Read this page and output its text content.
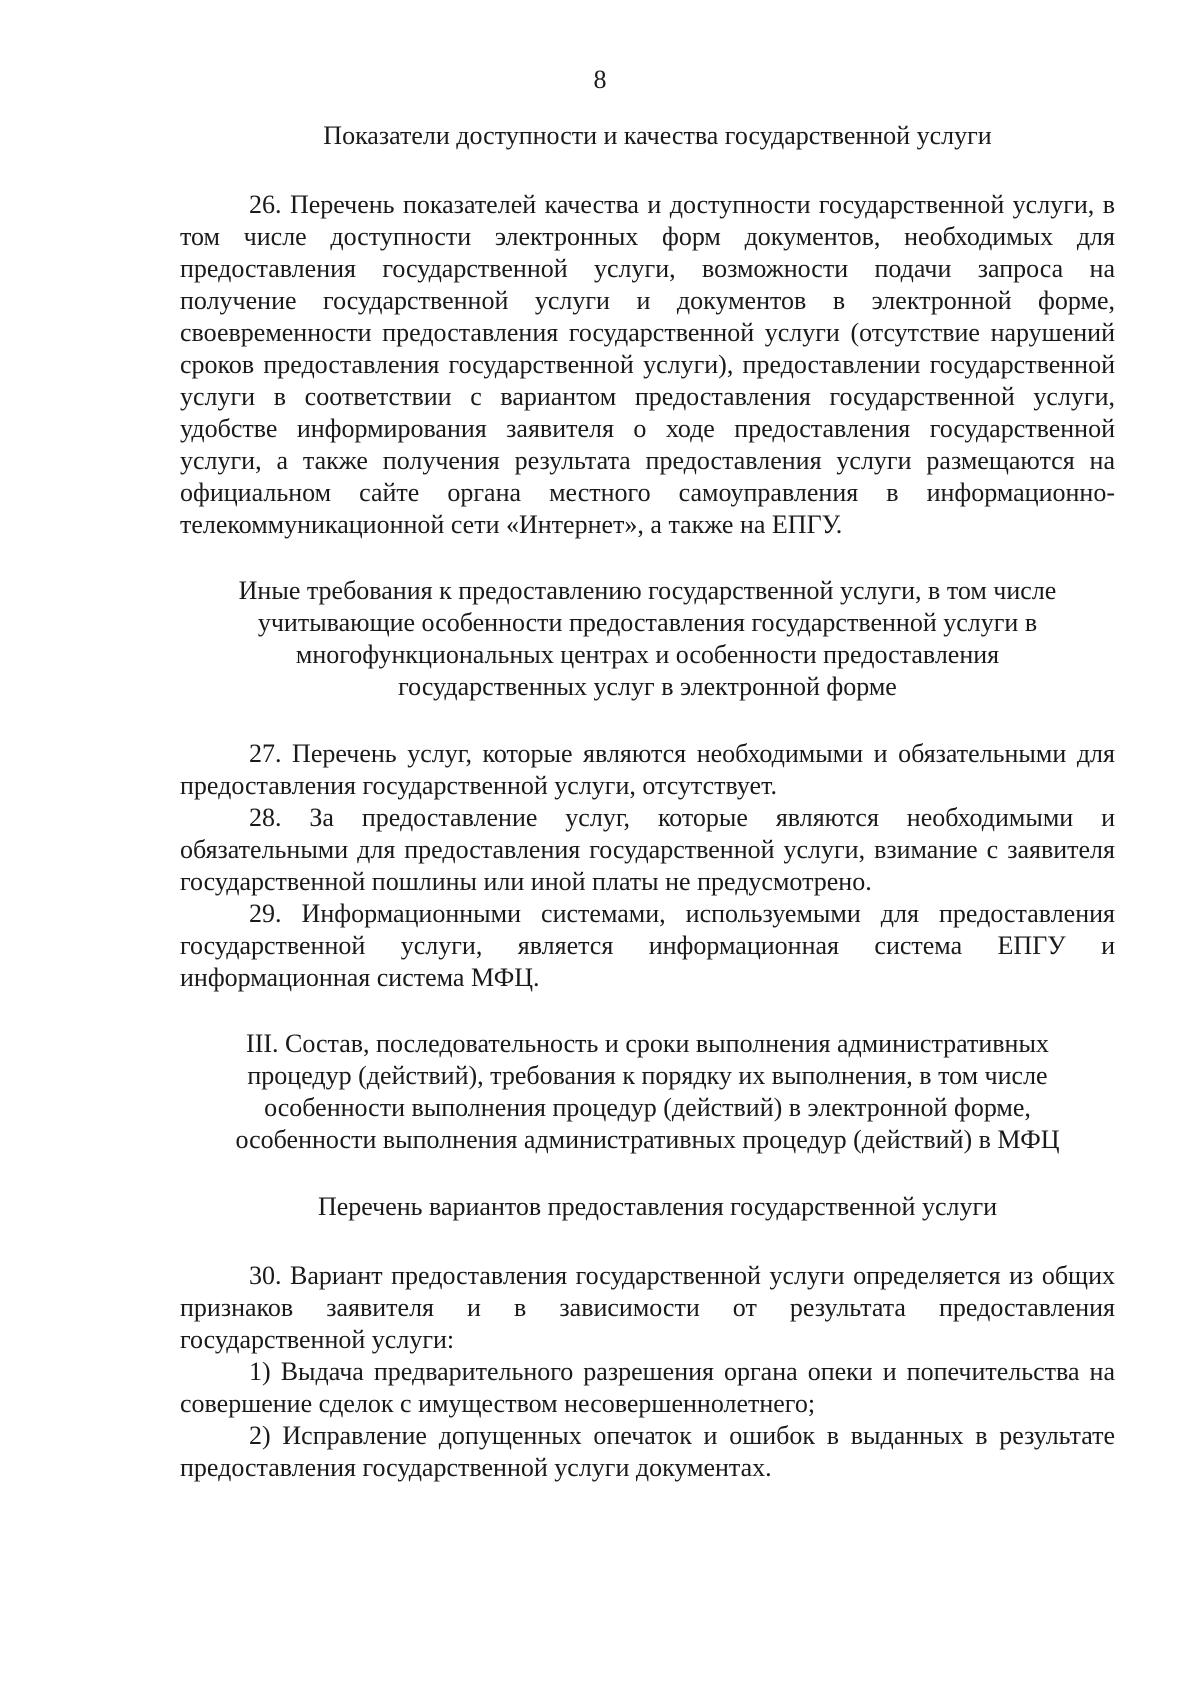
8

Показатели доступности и качества государственной услуги

26. Перечень показателей качества и доступности государственной услуги, в том числе доступности электронных форм документов, необходимых для предоставления государственной услуги, возможности подачи запроса на получение государственной услуги и документов в электронной форме, своевременности предоставления государственной услуги (отсутствие нарушений сроков предоставления государственной услуги), предоставлении государственной услуги в соответствии с вариантом предоставления государственной услуги, удобстве информирования заявителя о ходе предоставления государственной услуги, а также получения результата предоставления услуги размещаются на официальном сайте органа местного самоуправления в информационно-телекоммуникационной сети «Интернет», а также на ЕПГУ.

Иные требования к предоставлению государственной услуги, в том числе

учитывающие особенности предоставления государственной услуги в

многофункциональных центрах и особенности предоставления

государственных услуг в электронной форме

27. Перечень услуг, которые являются необходимыми и обязательными для предоставления государственной услуги, отсутствует.

28. За предоставление услуг, которые являются необходимыми и обязательными для предоставления государственной услуги, взимание с заявителя государственной пошлины или иной платы не предусмотрено.

29. Информационными системами, используемыми для предоставления государственной услуги, является информационная система ЕПГУ и информационная система МФЦ.

III. Состав, последовательность и сроки выполнения административных

процедур (действий), требования к порядку их выполнения, в том числе

особенности выполнения процедур (действий) в электронной форме,

особенности выполнения административных процедур (действий) в МФЦ

Перечень вариантов предоставления государственной услуги

30. Вариант предоставления государственной услуги определяется из общих признаков заявителя и в зависимости от результата предоставления государственной услуги:

1) Выдача предварительного разрешения органа опеки и попечительства на совершение сделок с имуществом несовершеннолетнего;

2) Исправление допущенных опечаток и ошибок в выданных в результате предоставления государственной услуги документах.
